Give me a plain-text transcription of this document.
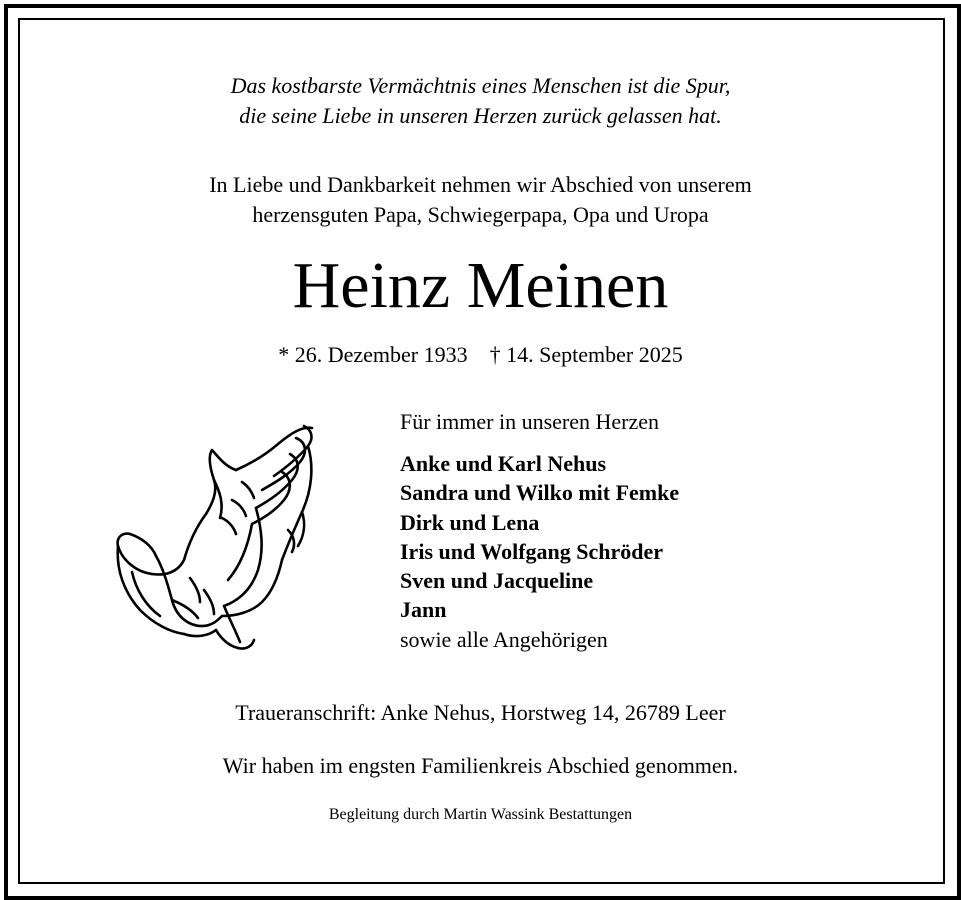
Das kostbarste Vermächtnis eines Menschen ist die Spur,
die seine Liebe in unseren Herzen zurück gelassen hat.
In Liebe und Dankbarkeit nehmen wir Abschied von unserem
herzensguten Papa, Schwiegerpapa, Opa und Uropa
Heinz Meinen
* 26. Dezember 1933 † 14. September 2025
Für immer in unseren Herzen
Anke und Karl Nehus
Sandra und Wilko mit Femke
Dirk und Lena
Iris und Wolfgang Schröder
Sven und Jacqueline
Jann
sowie alle Angehörigen
Traueranschrift: Anke Nehus, Horstweg 14, 26789 Leer
Wir haben im engsten Familienkreis Abschied genommen.
Begleitung durch Martin Wassink Bestattungen
